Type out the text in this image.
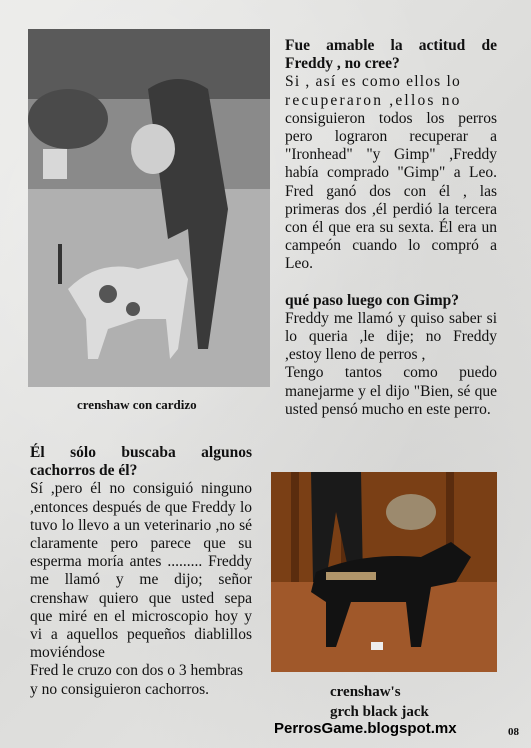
crenshaw con cardizo

Fue amable la actitud de Freddy , no cree?

Si , así es como ellos lo

recuperaron ,ellos no

consiguieron todos los perros pero lograron recuperar a "Ironhead" "y Gimp" ,Freddy había comprado "Gimp" a Leo. Fred ganó dos con él , las primeras dos ,él perdió la tercera con él que era su sexta. Él era un campeón cuando lo compró a Leo.

qué paso luego con Gimp?

Freddy me llamó y quiso saber si lo queria ,le dije; no Freddy ,estoy lleno de perros ,

Tengo tantos como puedo manejarme y el dijo "Bien, sé que usted pensó mucho en este perro.

Él sólo buscaba algunos cachorros de él?

Sí ,pero él no consiguió ninguno ,entonces después de que Freddy lo tuvo lo llevo a un veterinario ,no sé claramente pero parece que su esperma moría antes ......... Freddy me llamó y me dijo; señor crenshaw quiero que usted sepa que miré en el microscopio hoy y vi a aquellos pequeños diablillos moviéndose

Fred le cruzo con dos o 3 hembras y no consiguieron cachorros.	crenshaw's
grch black jack
PerrosGame.blogspot.mx	08
